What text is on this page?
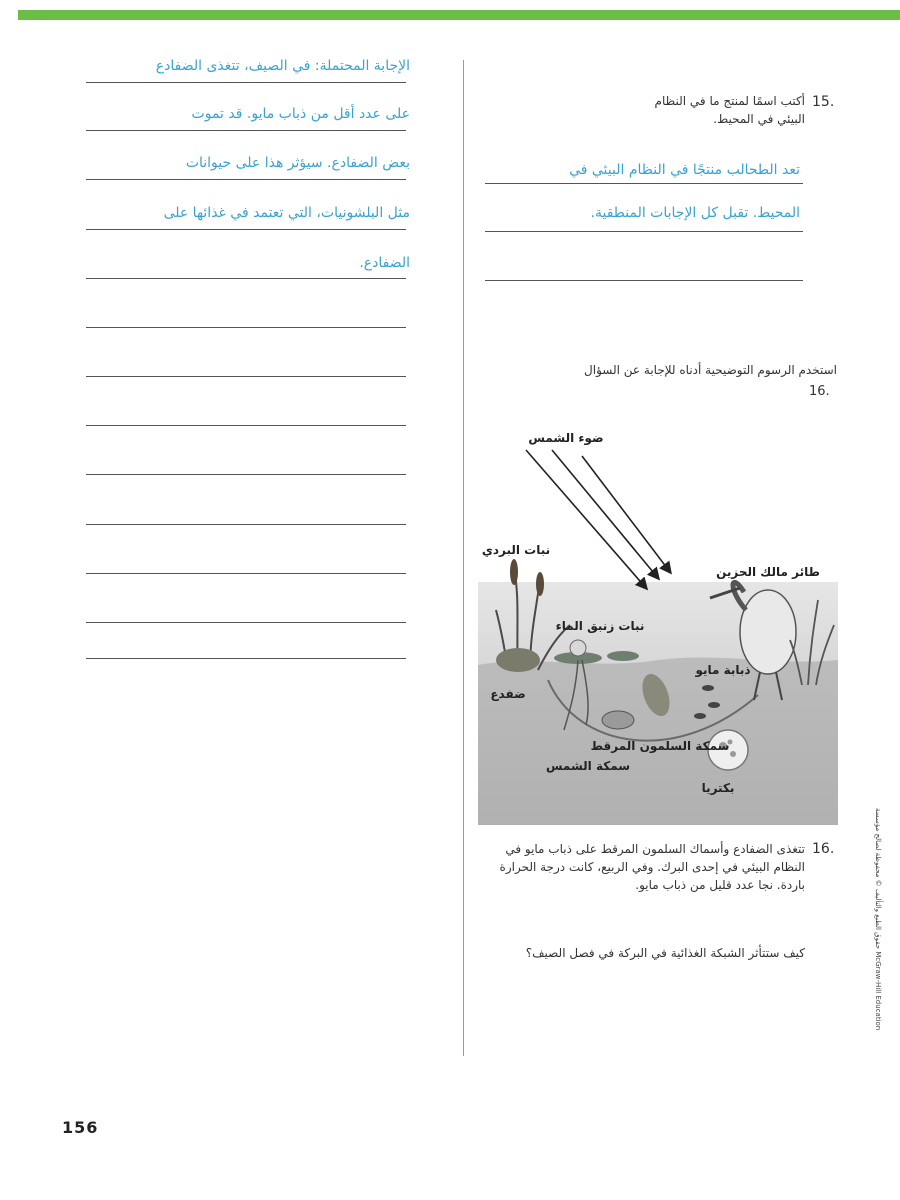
15.
أكتب اسمًا لمنتج ما في النظام البيئي في المحيط.
تعد الطحالب منتجًا في النظام البيئي في
المحيط. تقبل كل الإجابات المنطقية.
استخدم الرسوم التوضيحية أدناه للإجابة عن السؤال
16.
ضوء الشمس
نبات البردي
طائر مالك الحزين
نبات زنبق الماء
ذبابة مايو
ضفدع
سمكة السلمون المرقط
سمكة الشمس
بكتريا
16.
تتغذى الضفادع وأسماك السلمون المرقط على ذباب مايو في النظام البيئي في إحدى البرك. وفي الربيع، كانت درجة الحرارة باردة. نجا عدد قليل من ذباب مايو.
كيف ستتأثر الشبكة الغذائية في البركة في فصل الصيف؟
الإجابة المحتملة: في الصيف، تتغذى الضفادع
على عدد أقل من ذباب مايو. قد تموت
بعض الضفادع. سيؤثر هذا على حيوانات
مثل البلشونيات، التي تعتمد في غذائها على
الضفادع.
حقوق الطبع والتأليف © محفوظة لصالح مؤسسة McGraw-Hill Education
156
